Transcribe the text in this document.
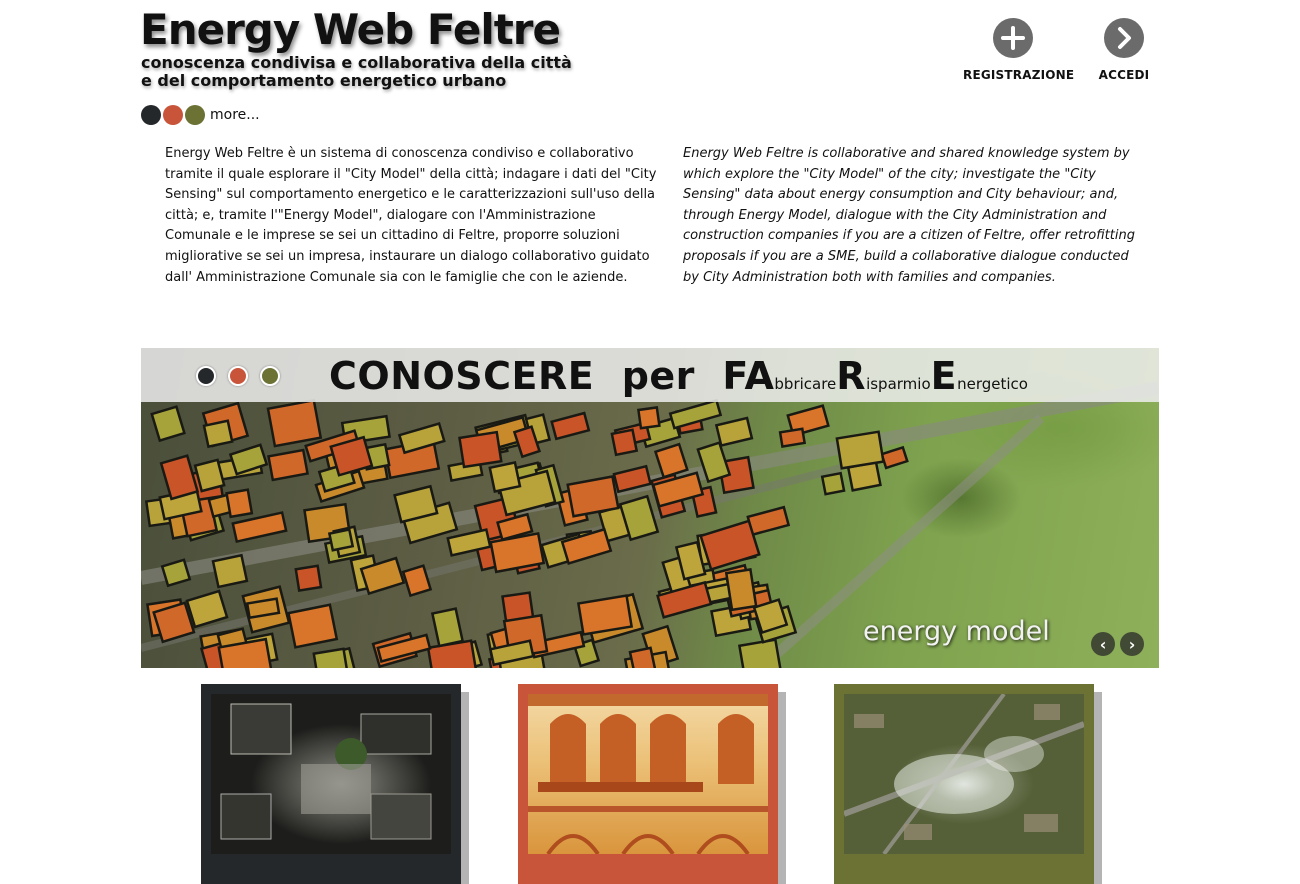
Energy Web Feltre
conoscenza condivisa e collaborativa della città e del comportamento energetico urbano
more...
REGISTRAZIONE	ACCEDI
Energy Web Feltre è un sistema di conoscenza condiviso e collaborativo tramite il quale esplorare il "City Model" della città; indagare i dati del "City Sensing" sul comportamento energetico e le caratterizzazioni sull'uso della città; e, tramite l'"Energy Model", dialogare con l'Amministrazione Comunale e le imprese se sei un cittadino di Feltre, proporre soluzioni migliorative se sei un impresa, instaurare un dialogo collaborativo guidato dall' Amministrazione Comunale sia con le famiglie che con le aziende.
Energy Web Feltre is collaborative and shared knowledge system by which explore the "City Model" of the city; investigate the "City Sensing" data about energy consumption and City behaviour; and, through Energy Model, dialogue with the City Administration and construction companies if you are a citizen of Feltre, offer retrofitting proposals if you are a SME, build a collaborative dialogue conducted by City Administration both with families and companies.
CONOSCERE per FAbbricareRisparmioEnergetico
energy model	‹	›
